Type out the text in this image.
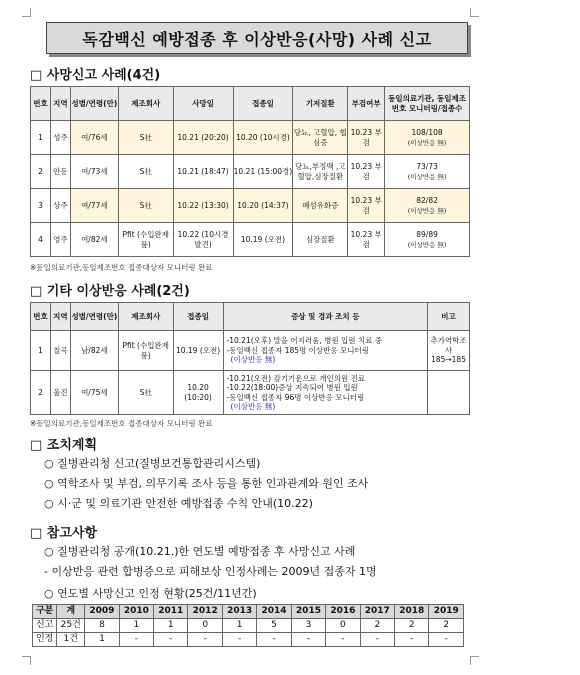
독감백신 예방접종 후 이상반응(사망) 사례 신고
□ 사망신고 사례(4건)
번호	지역	성별/연령(만)	제조회사	사망일	접종일	기저질환	부검여부	동일의료기관, 동일제조번호 모니터링/접종수
1	성주	여/76세	S社	10.21 (20:20)	10.20 (10시경)	당뇨, 고혈압, 협심증	10.23 부검	108/108
(이상반응 無)
2	안동	여/73세	S社	10.21 (18:47)	10.21 (15:00경)	당뇨,부정맥 ,고혈압,심장질환	10.23 부검	73/73
(이상반응 無)
3	상주	여/77세	S社	10.22 (13:30)	10.20 (14:37)	폐섬유화증	10.23 부검	82/82
(이상반응 無)
4	영주	여/82세	Pfit (수입완제품)	10.22 (10시경 발견)	10.19 (오전)	심장질환	10.23 부검	89/89
(이상반응 無)
※동일의료기관,동일제조번호 접종대상자 모니터링 완료
□ 기타 이상반응 사례(2건)
번호	지역	성별/연령(만)	제조회사	접종일	증상 및 경과 조치 등	비고
1	칠곡	남/82세	Pfit (수입완제품)	10.19 (오전)	-10.21(오후) 말을 어지러움, 병원 입원 치료 중
-동일백신 접종자 185명 이상반응 모니터링
(이상반응 無)	추가역학조사 185→185
2	울진	여/75세	S社	10.20 (10:20)	-10.21(오전) 감기기운으로 개인의원 진료
-10.22(18:00)증상 지속되어 병원 입원
-동일백신 접종자 96명 이상반응 모니터링
(이상반응 無)	

※동일의료기관,동일제조번호 접종대상자 모니터링 완료
□ 조치계획
○ 질병관리청 신고(질병보건통합관리시스템)
○ 역학조사 및 부검, 의무기록 조사 등을 통한 인과관계와 원인 조사
○ 시·군 및 의료기관 안전한 예방접종 수칙 안내(10.22)
□ 참고사항
○ 질병관리청 공개(10.21.)한 연도별 예방접종 후 사망신고 사례
- 이상반응 관련 합병증으로 피해보상 인정사례는 2009년 접종자 1명
○ 연도별 사망신고 인정 현황(25건/11년간)
구분	계	2009	2010	2011	2012	2013	2014	2015	2016	2017	2018	2019
신고	25건	8	1	1	0	1	5	3	0	2	2	2
인정	1건	1	-	-	-	-	-	-	-	-	-	-
